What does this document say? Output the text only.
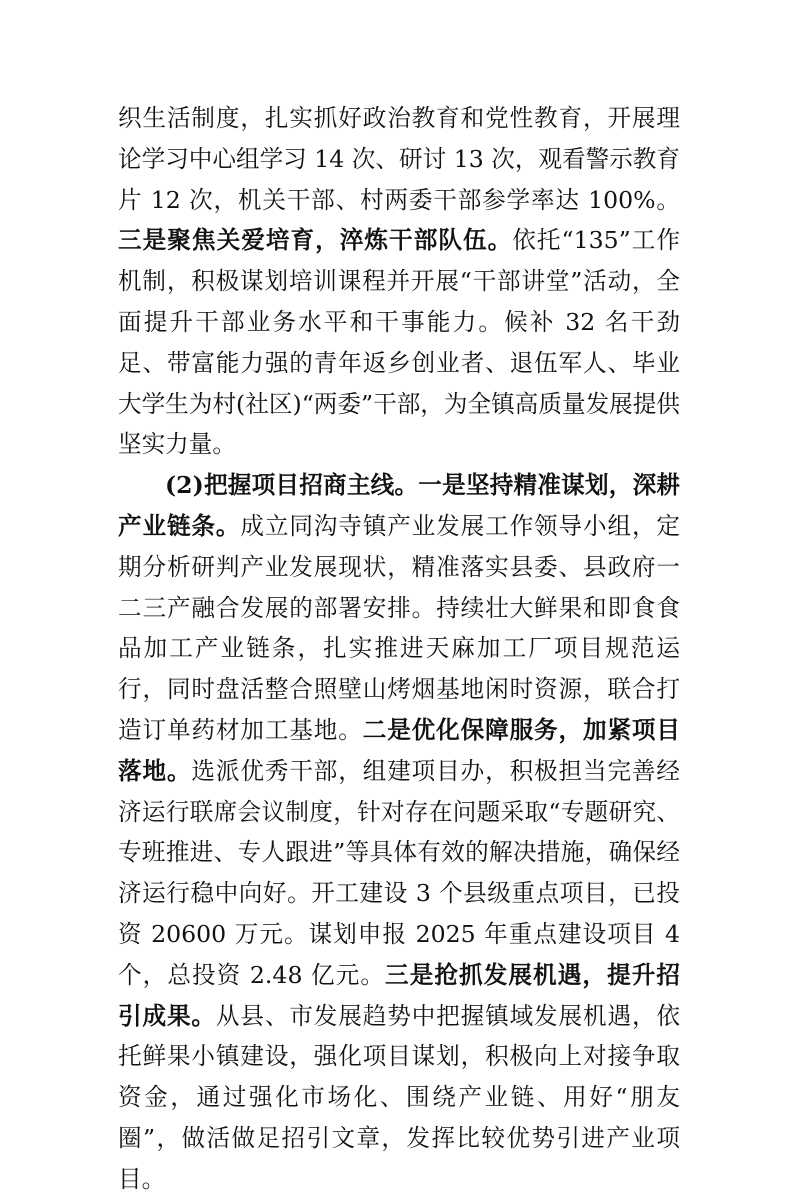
织生活制度，扎实抓好政治教育和党性教育，开展理论学习中心组学习 14 次、研讨 13 次，观看警示教育片 12 次，机关干部、村两委干部参学率达 100%。三是聚焦关爱培育，淬炼干部队伍。依托“135”工作机制，积极谋划培训课程并开展“干部讲堂”活动，全面提升干部业务水平和干事能力。候补 32 名干劲足、带富能力强的青年返乡创业者、退伍军人、毕业大学生为村(社区)“两委”干部，为全镇高质量发展提供坚实力量。

(2)把握项目招商主线。一是坚持精准谋划，深耕产业链条。成立同沟寺镇产业发展工作领导小组，定期分析研判产业发展现状，精准落实县委、县政府一二三产融合发展的部署安排。持续壮大鲜果和即食食品加工产业链条，扎实推进天麻加工厂项目规范运行，同时盘活整合照壁山烤烟基地闲时资源，联合打造订单药材加工基地。二是优化保障服务，加紧项目落地。选派优秀干部，组建项目办，积极担当完善经济运行联席会议制度，针对存在问题采取“专题研究、专班推进、专人跟进”等具体有效的解决措施，确保经济运行稳中向好。开工建设 3 个县级重点项目，已投资 20600 万元。谋划申报 2025 年重点建设项目 4 个，总投资 2.48 亿元。三是抢抓发展机遇，提升招引成果。从县、市发展趋势中把握镇域发展机遇，依托鲜果小镇建设，强化项目谋划，积极向上对接争取资金，通过强化市场化、围绕产业链、用好“朋友圈”，做活做足招引文章，发挥比较优势引进产业项目。
